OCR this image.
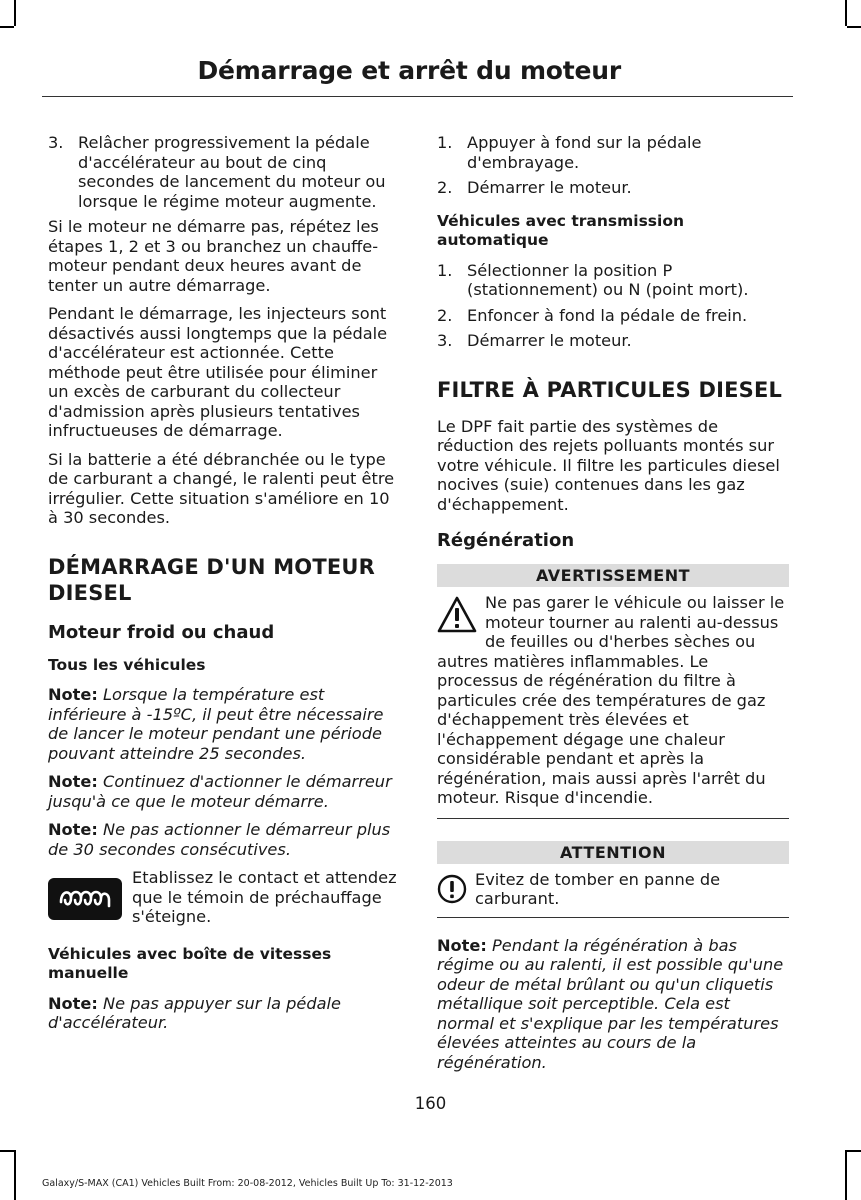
Démarrage et arrêt du moteur
3. Relâcher progressivement la pédale d'accélérateur au bout de cinq secondes de lancement du moteur ou lorsque le régime moteur augmente.

Si le moteur ne démarre pas, répétez les étapes 1, 2 et 3 ou branchez un chauffe-moteur pendant deux heures avant de tenter un autre démarrage.

Pendant le démarrage, les injecteurs sont désactivés aussi longtemps que la pédale d'accélérateur est actionnée. Cette méthode peut être utilisée pour éliminer un excès de carburant du collecteur d'admission après plusieurs tentatives infructueuses de démarrage.

Si la batterie a été débranchée ou le type de carburant a changé, le ralenti peut être irrégulier. Cette situation s'améliore en 10 à 30 secondes.

DÉMARRAGE D'UN MOTEUR DIESEL
Moteur froid ou chaud
Tous les véhicules

Note: Lorsque la température est inférieure à -15ºC, il peut être nécessaire de lancer le moteur pendant une période pouvant atteindre 25 secondes.

Note: Continuez d'actionner le démarreur jusqu'à ce que le moteur démarre.

Note: Ne pas actionner le démarreur plus de 30 secondes consécutives.

Etablissez le contact et attendez que le témoin de préchauffage s'éteigne.
Véhicules avec boîte de vitesses manuelle

Note: Ne pas appuyer sur la pédale d'accélérateur.

1. Appuyer à fond sur la pédale d'embrayage.
2. Démarrer le moteur.
Véhicules avec transmission automatique
1. Sélectionner la position P (stationnement) ou N (point mort).
2. Enfoncer à fond la pédale de frein.
3. Démarrer le moteur.
FILTRE À PARTICULES DIESEL

Le DPF fait partie des systèmes de réduction des rejets polluants montés sur votre véhicule. Il filtre les particules diesel nocives (suie) contenues dans les gaz d'échappement.

Régénération
AVERTISSEMENT
Ne pas garer le véhicule ou laisser le moteur tourner au ralenti au-dessus de feuilles ou d'herbes sèches ou autres matières inflammables. Le processus de régénération du filtre à particules crée des températures de gaz d'échappement très élevées et l'échappement dégage une chaleur considérable pendant et après la régénération, mais aussi après l'arrêt du moteur. Risque d'incendie.
ATTENTION
Evitez de tomber en panne de carburant.

Note: Pendant la régénération à bas régime ou au ralenti, il est possible qu'une odeur de métal brûlant ou qu'un cliquetis métallique soit perceptible. Cela est normal et s'explique par les températures élevées atteintes au cours de la régénération.

160
Galaxy/S-MAX (CA1) Vehicles Built From: 20-08-2012, Vehicles Built Up To: 31-12-2013
